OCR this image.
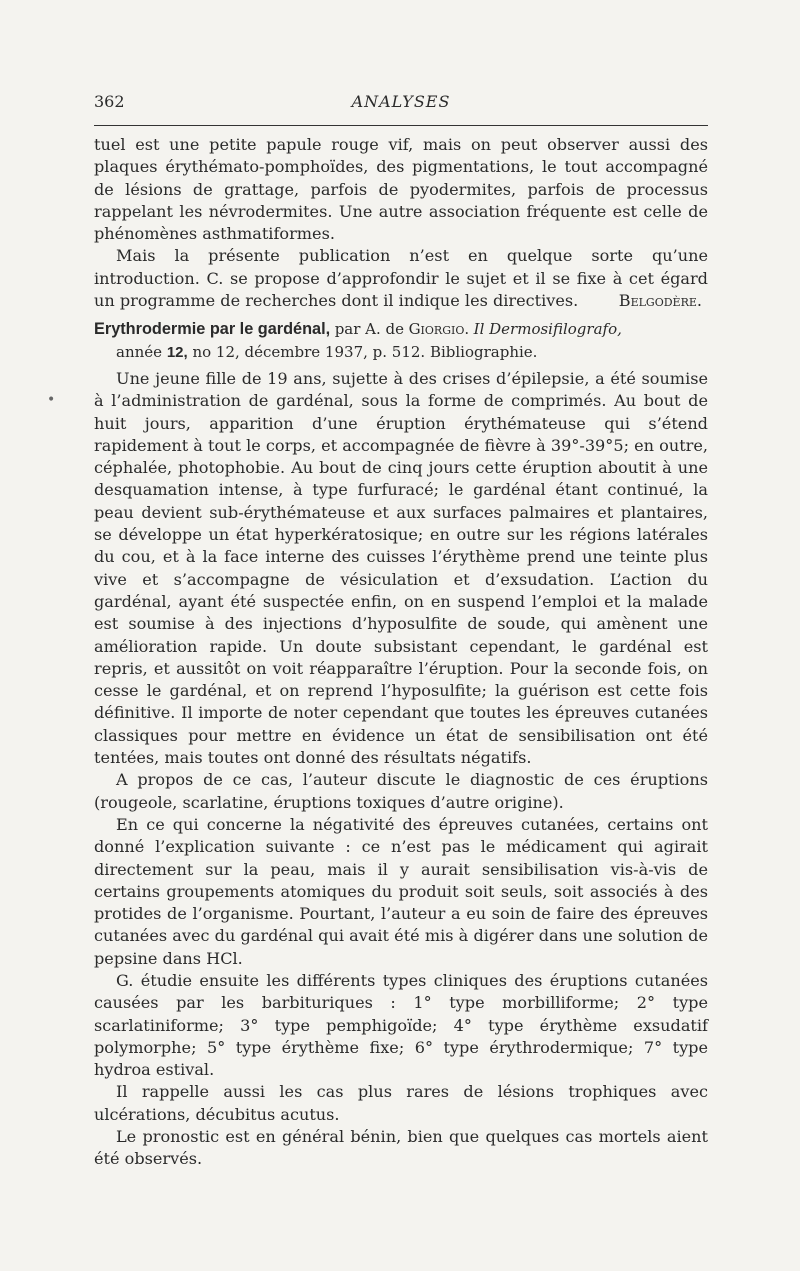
362	ANALYSES

tuel est une petite papule rouge vif, mais on peut observer aussi des plaques érythémato-pomphoïdes, des pigmentations, le tout accompagné de lésions de grattage, parfois de pyodermites, parfois de processus rappelant les névrodermites. Une autre association fréquente est celle de phénomènes asthmatiformes.

Mais la présente publication n’est en quelque sorte qu’une introduction. C. se propose d’approfondir le sujet et il se fixe à cet égard un programme de recherches dont il indique les directives.	Belgodère.

Erythrodermie par le gardénal, par A. de Giorgio. Il Dermosifilografo,

année 12, no 12, décembre 1937, p. 512. Bibliographie.

Une jeune fille de 19 ans, sujette à des crises d’épilepsie, a été soumise à l’administration de gardénal, sous la forme de comprimés. Au bout de huit jours, apparition d’une éruption érythémateuse qui s’étend rapidement à tout le corps, et accompagnée de fièvre à 39°-39°5; en outre, céphalée, photophobie. Au bout de cinq jours cette éruption aboutit à une desquamation intense, à type furfuracé; le gardénal étant continué, la peau devient sub-érythémateuse et aux surfaces palmaires et plantaires, se développe un état hyperkératosique; en outre sur les régions latérales du cou, et à la face interne des cuisses l’érythème prend une teinte plus vive et s’accompagne de vésiculation et d’exsudation. L’action du gardénal, ayant été suspectée enfin, on en suspend l’emploi et la malade est soumise à des injections d’hyposulfite de soude, qui amènent une amélioration rapide. Un doute subsistant cependant, le gardénal est repris, et aussitôt on voit réapparaître l’éruption. Pour la seconde fois, on cesse le gardénal, et on reprend l’hyposulfite; la guérison est cette fois définitive. Il importe de noter cependant que toutes les épreuves cutanées classiques pour mettre en évidence un état de sensibilisation ont été tentées, mais toutes ont donné des résultats négatifs.

A propos de ce cas, l’auteur discute le diagnostic de ces éruptions (rougeole, scarlatine, éruptions toxiques d’autre origine).

En ce qui concerne la négativité des épreuves cutanées, certains ont donné l’explication suivante : ce n’est pas le médicament qui agirait directement sur la peau, mais il y aurait sensibilisation vis-à-vis de certains groupements atomiques du produit soit seuls, soit associés à des protides de l’organisme. Pourtant, l’auteur a eu soin de faire des épreuves cutanées avec du gardénal qui avait été mis à digérer dans une solution de pepsine dans HCl.

G. étudie ensuite les différents types cliniques des éruptions cutanées causées par les barbituriques : 1° type morbilliforme; 2° type scarlatiniforme; 3° type pemphigoïde; 4° type érythème exsudatif polymorphe; 5° type érythème fixe; 6° type érythrodermique; 7° type hydroa estival.

Il rappelle aussi les cas plus rares de lésions trophiques avec ulcérations, décubitus acutus.

Le pronostic est en général bénin, bien que quelques cas mortels aient été observés.

•
